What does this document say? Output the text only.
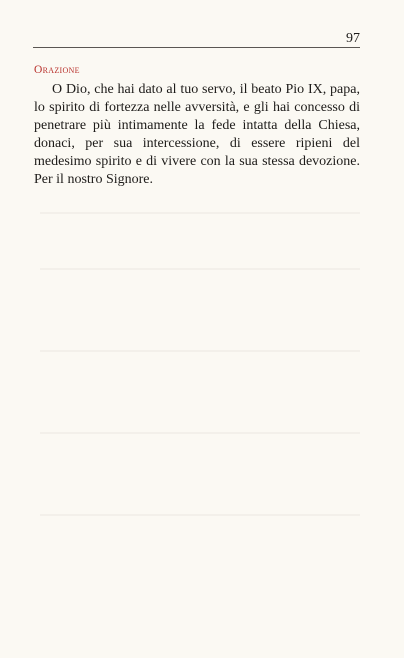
97
Orazione

O Dio, che hai dato al tuo servo, il beato Pio IX, papa, lo spirito di fortezza nelle avversità, e gli hai concesso di penetrare più intimamente la fede intatta della Chiesa, donaci, per sua intercessione, di essere ripieni del medesimo spirito e di vivere con la sua stessa devozione. Per il nostro Signore.
